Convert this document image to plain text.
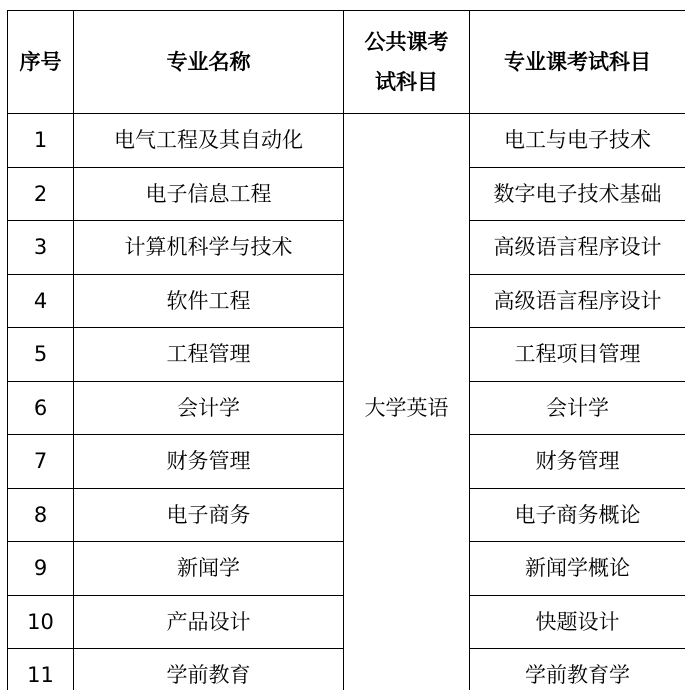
序号	专业名称	公共课考
试科目	专业课考试科目
1	电气工程及其自动化	大学英语	电工与电子技术
2	电子信息工程		数字电子技术基础
3	计算机科学与技术		高级语言程序设计
4	软件工程		高级语言程序设计
5	工程管理		工程项目管理
6	会计学		会计学
7	财务管理		财务管理
8	电子商务		电子商务概论
9	新闻学		新闻学概论
10	产品设计		快题设计
11	学前教育		学前教育学
